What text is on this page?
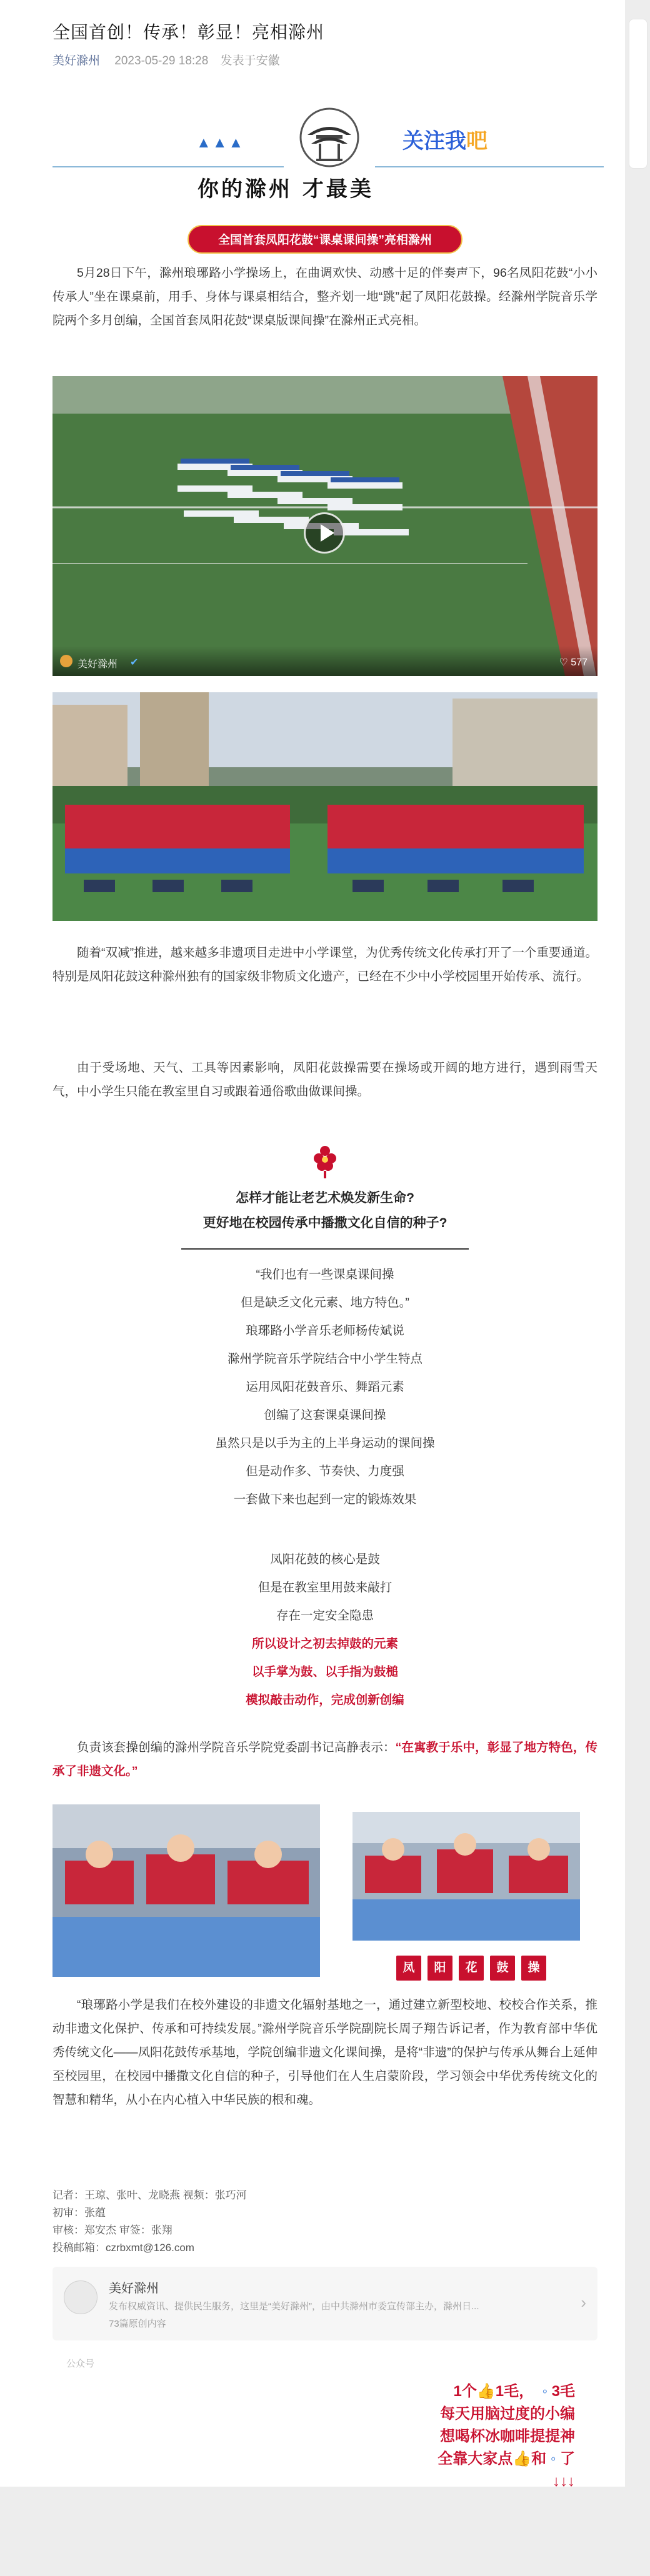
全国首创！传承！彰显！亮相滁州
美好滁州 2023-05-29 18:28 发表于安徽
▲▲▲	关注我吧
你的滁州 才最美
全国首套凤阳花鼓“课桌课间操”亮相滁州
5月28日下午，滁州琅琊路小学操场上，在曲调欢快、动感十足的伴奏声下，96名凤阳花鼓“小小传承人”坐在课桌前，用手、身体与课桌相结合，整齐划一地“跳”起了凤阳花鼓操。经滁州学院音乐学院两个多月创编，全国首套凤阳花鼓“课桌版课间操”在滁州正式亮相。
美好滁州 ✔	♡ 577
随着“双减”推进，越来越多非遗项目走进中小学课堂，为优秀传统文化传承打开了一个重要通道。特别是凤阳花鼓这种滁州独有的国家级非物质文化遗产，已经在不少中小学校园里开始传承、流行。
由于受场地、天气、工具等因素影响，凤阳花鼓操需要在操场或开阔的地方进行，遇到雨雪天气，中小学生只能在教室里自习或跟着通俗歌曲做课间操。
怎样才能让老艺术焕发新生命?
更好地在校园传承中播撒文化自信的种子?
“我们也有一些课桌课间操
但是缺乏文化元素、地方特色。”
琅琊路小学音乐老师杨传斌说
滁州学院音乐学院结合中小学生特点
运用凤阳花鼓音乐、舞蹈元素
创编了这套课桌课间操
虽然只是以手为主的上半身运动的课间操
但是动作多、节奏快、力度强
一套做下来也起到一定的锻炼效果
凤阳花鼓的核心是鼓
但是在教室里用鼓来敲打
存在一定安全隐患
所以设计之初去掉鼓的元素
以手掌为鼓、以手指为鼓槌
模拟敲击动作，完成创新创编
负责该套操创编的滁州学院音乐学院党委副书记高静表示：“在寓教于乐中，彰显了地方特色，传承了非遗文化。”
凤 阳 花 鼓 操
“琅琊路小学是我们在校外建设的非遗文化辐射基地之一，通过建立新型校地、校校合作关系，推动非遗文化保护、传承和可持续发展。”滁州学院音乐学院副院长周子翔告诉记者，作为教育部中华优秀传统文化——凤阳花鼓传承基地，学院创编非遗文化课间操，是将“非遗”的保护与传承从舞台上延伸至校园里，在校园中播撒文化自信的种子，引导他们在人生启蒙阶段，学习领会中华优秀传统文化的智慧和精华，从小在内心植入中华民族的根和魂。
记者：王琼、张叶、龙晓燕 视频：张巧河
初审：张蕴
审核：郑安杰 审签：张翔
投稿邮箱：czrbxmt@126.com
美好滁州
发布权威资讯、提供民生服务，这里是“美好滁州”，由中共滁州市委宣传部主办，滁州日...
73篇原创内容
›
公众号
1个👍1毛， ◦ 3毛
每天用脑过度的小编
想喝杯冰咖啡提提神
全靠大家点👍和 ◦ 了
↓↓↓
